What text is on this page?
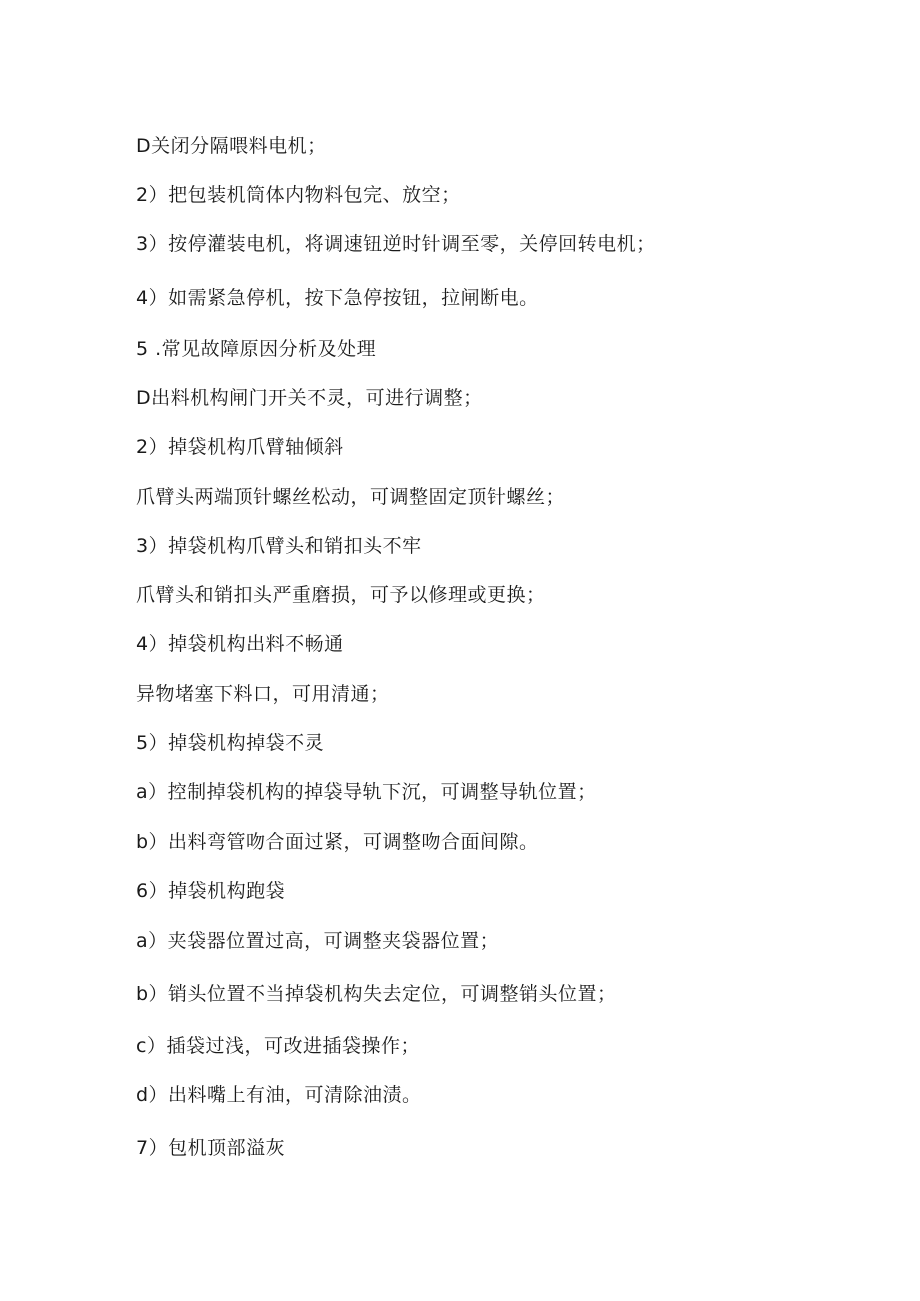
D关闭分隔喂料电机；
2）把包装机筒体内物料包完、放空；
3）按停灌装电机，将调速钮逆时针调至零，关停回转电机；
4）如需紧急停机，按下急停按钮，拉闸断电。
5 .常见故障原因分析及处理
D出料机构闸门开关不灵，可进行调整；
2）掉袋机构爪臂轴倾斜
爪臂头两端顶针螺丝松动，可调整固定顶针螺丝；
3）掉袋机构爪臂头和销扣头不牢
爪臂头和销扣头严重磨损，可予以修理或更换；
4）掉袋机构出料不畅通
异物堵塞下料口，可用清通；
5）掉袋机构掉袋不灵
a）控制掉袋机构的掉袋导轨下沉，可调整导轨位置；
b）出料弯管吻合面过紧，可调整吻合面间隙。
6）掉袋机构跑袋
a）夹袋器位置过高，可调整夹袋器位置；
b）销头位置不当掉袋机构失去定位，可调整销头位置；
c）插袋过浅，可改进插袋操作；
d）出料嘴上有油，可清除油渍。
7）包机顶部溢灰
